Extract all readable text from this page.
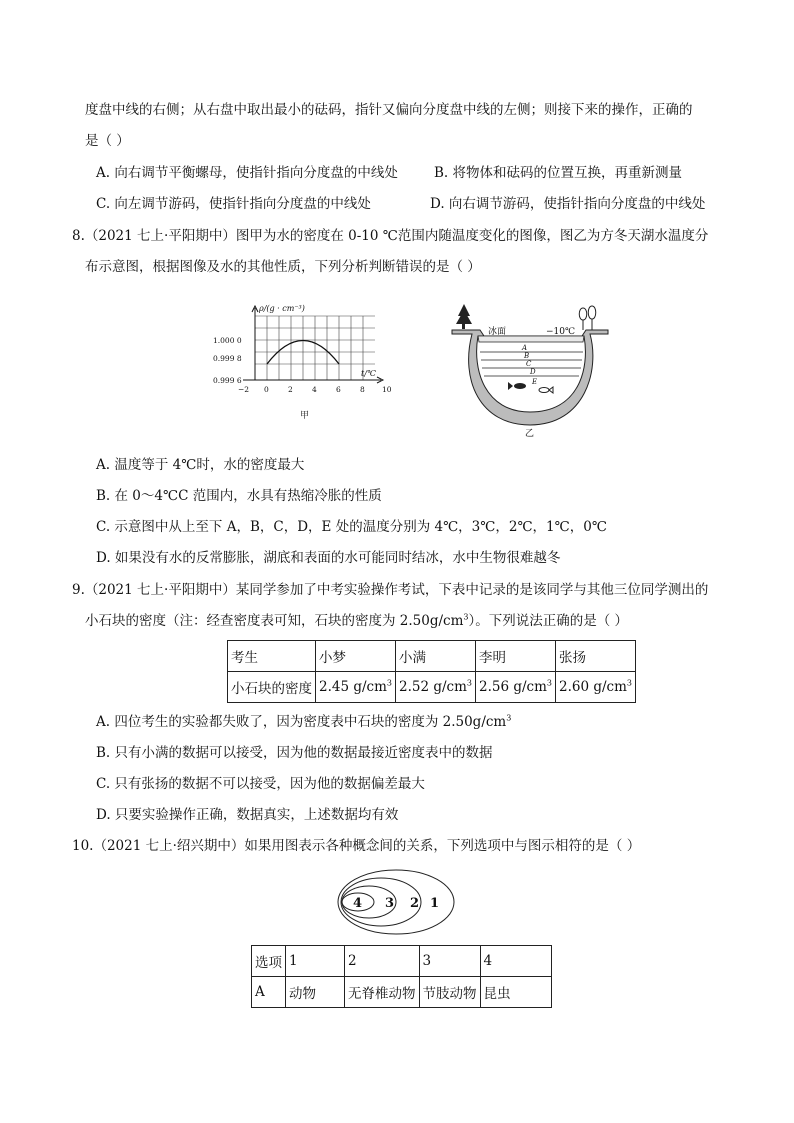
度盘中线的右侧；从右盘中取出最小的砝码，指针又偏向分度盘中线的左侧；则接下来的操作，正确的
是（ ）
A. 向右调节平衡螺母，使指针指向分度盘的中线处	B. 将物体和砝码的位置互换，再重新测量
C. 向左调节游码，使指针指向分度盘的中线处	D. 向右调节游码，使指针指向分度盘的中线处
8.（2021 七上·平阳期中）图甲为水的密度在 0-10 ℃范围内随温度变化的图像，图乙为方冬天湖水温度分
布示意图，根据图像及水的其他性质，下列分析判断错误的是（ ）
ρ/(g · cm⁻³)
t/℃
1.000 0
0.999 8
0.999 6
−2 0	2	4	6	8 10
甲
冰面	−10℃
A
B
C
D
E
乙
A. 温度等于 4℃时，水的密度最大
B. 在 0～4℃C 范围内，水具有热缩冷胀的性质
C. 示意图中从上至下 A，B，C，D，E 处的温度分别为 4℃，3℃，2℃，1℃，0℃
D. 如果没有水的反常膨胀，湖底和表面的水可能同时结冰，水中生物很难越冬
9.（2021 七上·平阳期中）某同学参加了中考实验操作考试，下表中记录的是该同学与其他三位同学测出的
小石块的密度（注：经查密度表可知，石块的密度为 $2.50g/cm^3$）。下列说法正确的是（ ）
考生	小梦	小满	李明	张扬
小石块的密度	2.45 $g/cm^3$	2.52 $g/cm^3$	2.56 $g/cm^3$	2.60 $g/cm^3$
A. 四位考生的实验都失败了，因为密度表中石块的密度为 $2.50g/cm^3$
B. 只有小满的数据可以接受，因为他的数据最接近密度表中的数据
C. 只有张扬的数据不可以接受，因为他的数据偏差最大
D. 只要实验操作正确，数据真实，上述数据均有效
10.（2021 七上·绍兴期中）如果用图表示各种概念间的关系，下列选项中与图示相符的是（ ）
4 3 2 1
选项	1	2	3	4
A	动物	无脊椎动物	节肢动物	昆虫
